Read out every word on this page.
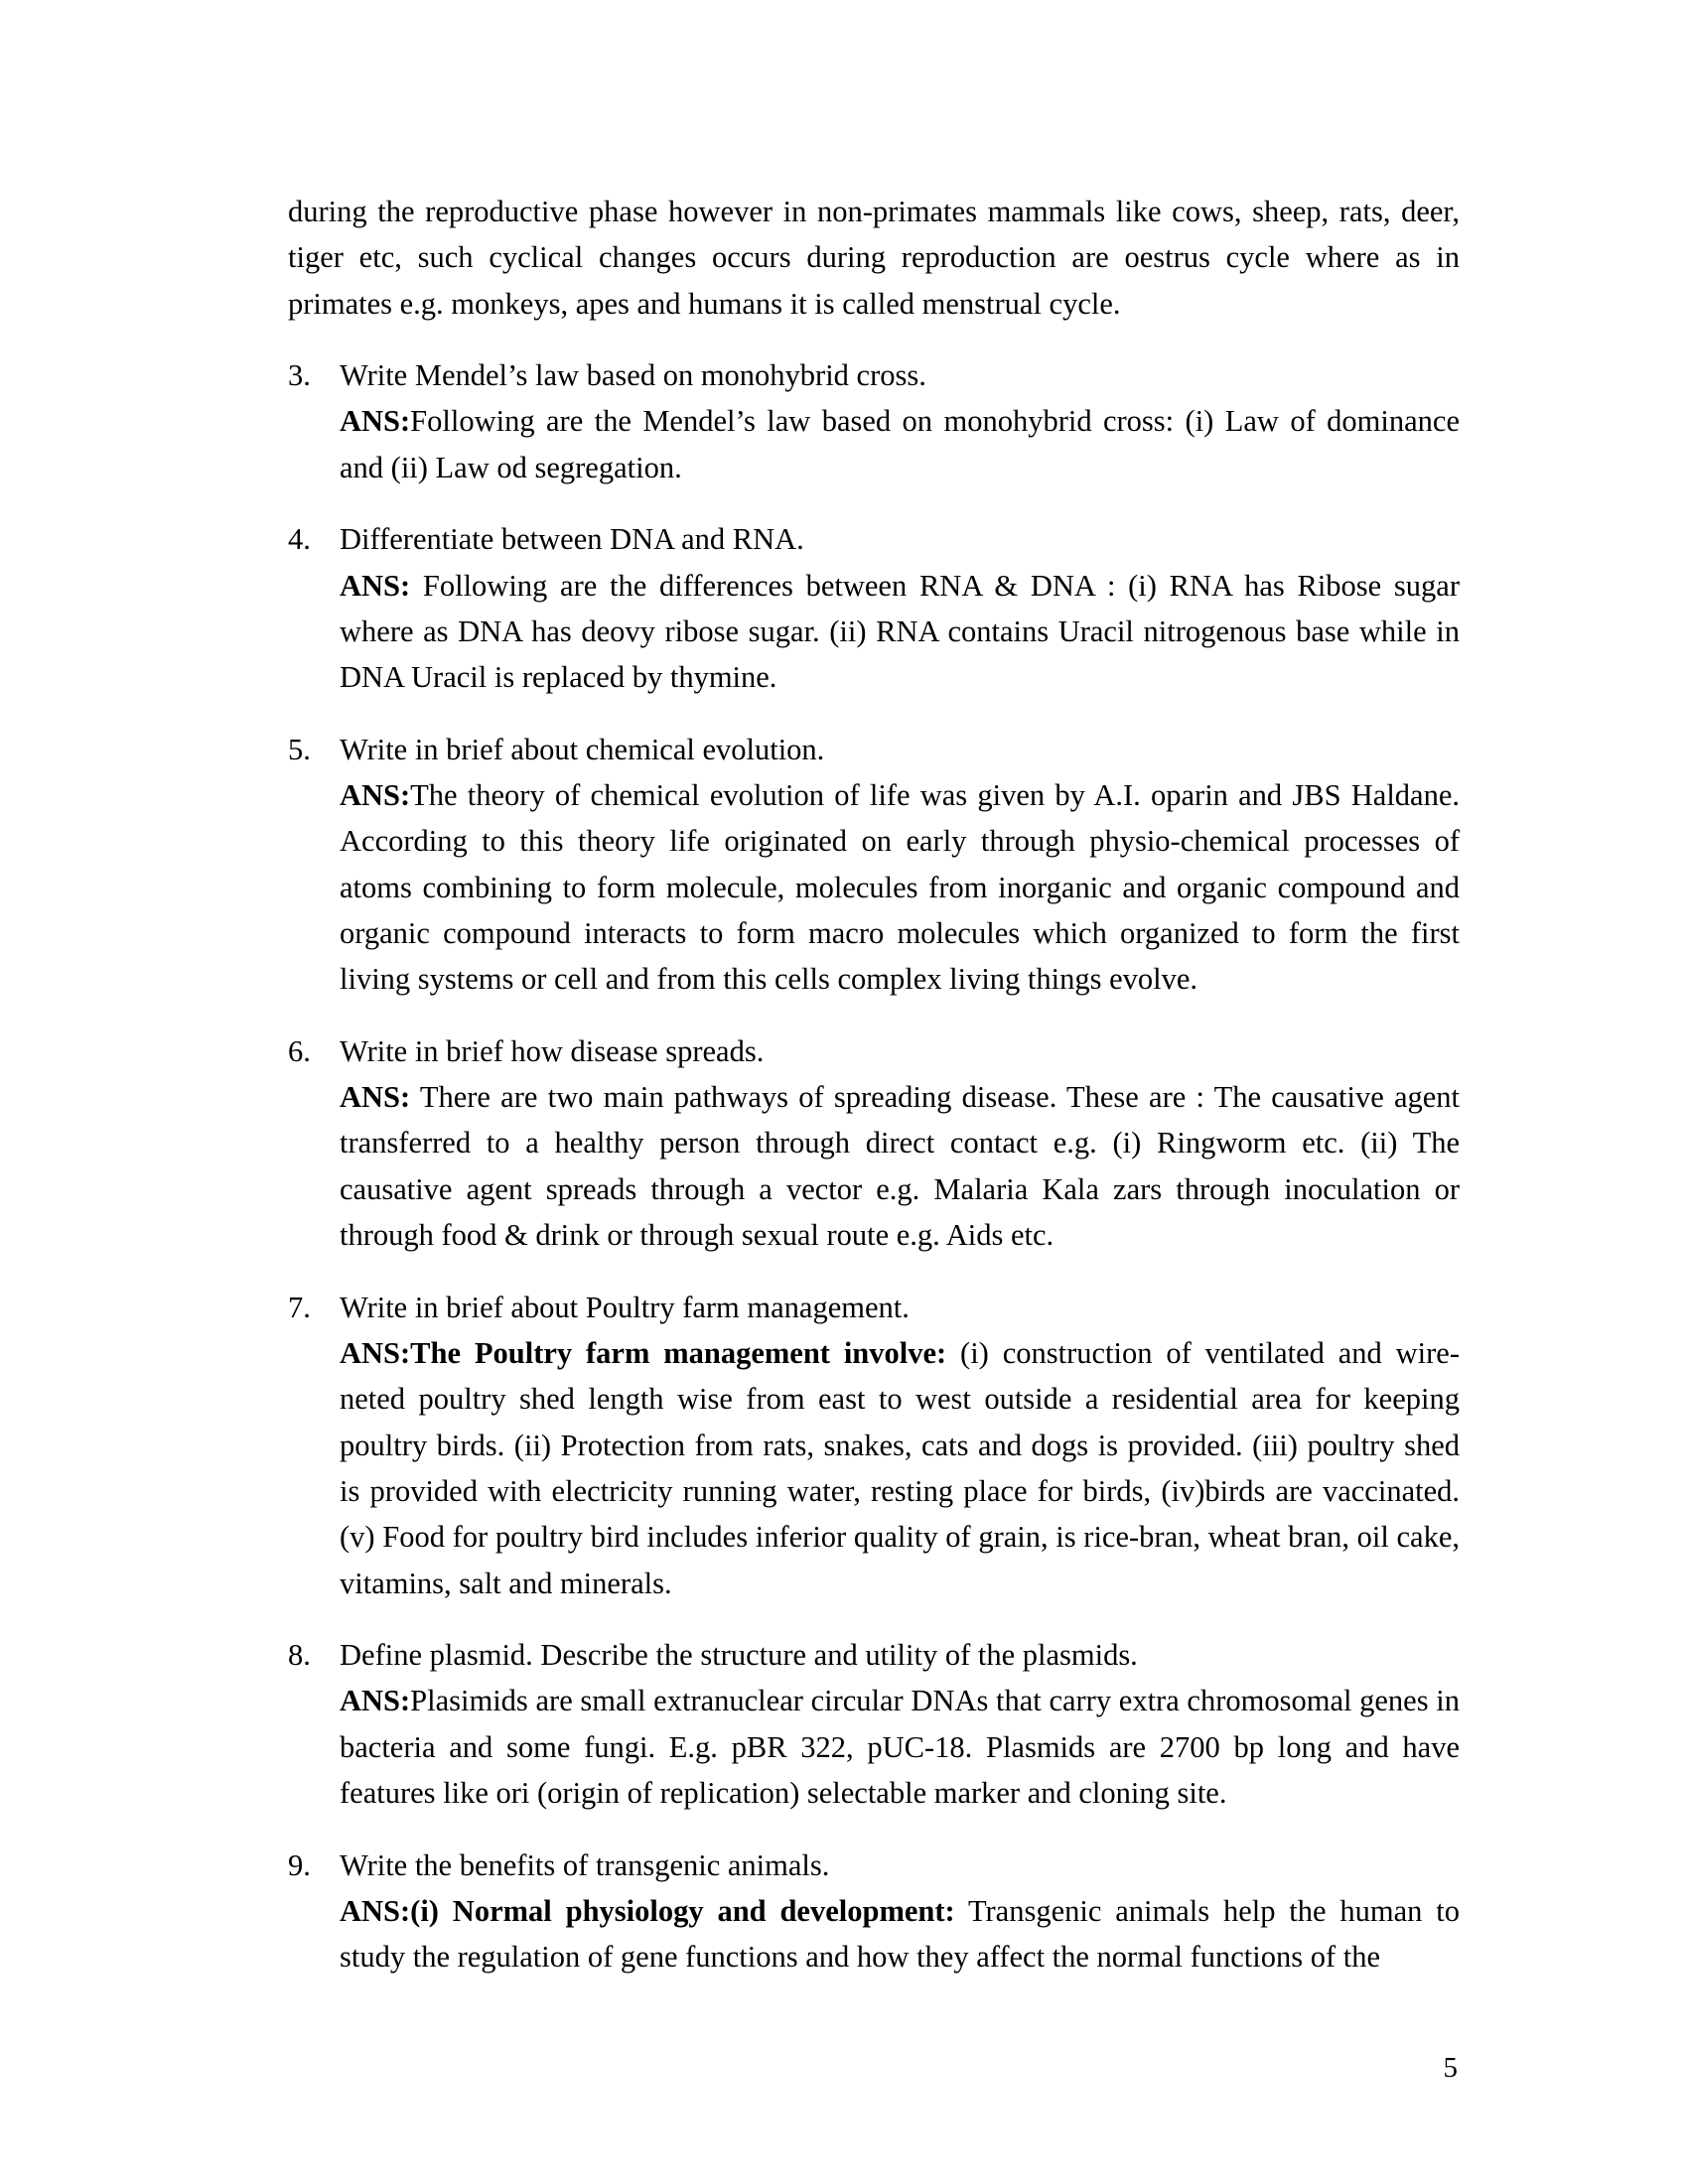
during the reproductive phase however in non-primates mammals like cows, sheep, rats, deer, tiger etc, such cyclical changes occurs during reproduction are oestrus cycle where as in primates e.g. monkeys, apes and humans it is called menstrual cycle.

3. Write Mendel’s law based on monohybrid cross.

ANS:Following are the Mendel’s law based on monohybrid cross: (i) Law of dominance and (ii) Law od segregation.

4. Differentiate between DNA and RNA.

ANS: Following are the differences between RNA & DNA : (i) RNA has Ribose sugar where as DNA has deovy ribose sugar. (ii) RNA contains Uracil nitrogenous base while in DNA Uracil is replaced by thymine.

5. Write in brief about chemical evolution.

ANS:The theory of chemical evolution of life was given by A.I. oparin and JBS Haldane. According to this theory life originated on early through physio-chemical processes of atoms combining to form molecule, molecules from inorganic and organic compound and organic compound interacts to form macro molecules which organized to form the first living systems or cell and from this cells complex living things evolve.

6. Write in brief how disease spreads.

ANS: There are two main pathways of spreading disease. These are : The causative agent transferred to a healthy person through direct contact e.g. (i) Ringworm etc. (ii) The causative agent spreads through a vector e.g. Malaria Kala zars through inoculation or through food & drink or through sexual route e.g. Aids etc.

7. Write in brief about Poultry farm management.

ANS:The Poultry farm management involve: (i) construction of ventilated and wire-neted poultry shed length wise from east to west outside a residential area for keeping poultry birds. (ii) Protection from rats, snakes, cats and dogs is provided. (iii) poultry shed is provided with electricity running water, resting place for birds, (iv)birds are vaccinated. (v) Food for poultry bird includes inferior quality of grain, is rice-bran, wheat bran, oil cake, vitamins, salt and minerals.

8. Define plasmid. Describe the structure and utility of the plasmids.

ANS:Plasimids are small extranuclear circular DNAs that carry extra chromosomal genes in bacteria and some fungi. E.g. pBR 322, pUC-18. Plasmids are 2700 bp long and have features like ori (origin of replication) selectable marker and cloning site.

9. Write the benefits of transgenic animals.

ANS:(i) Normal physiology and development: Transgenic animals help the human to study the regulation of gene functions and how they affect the normal functions of the

5
